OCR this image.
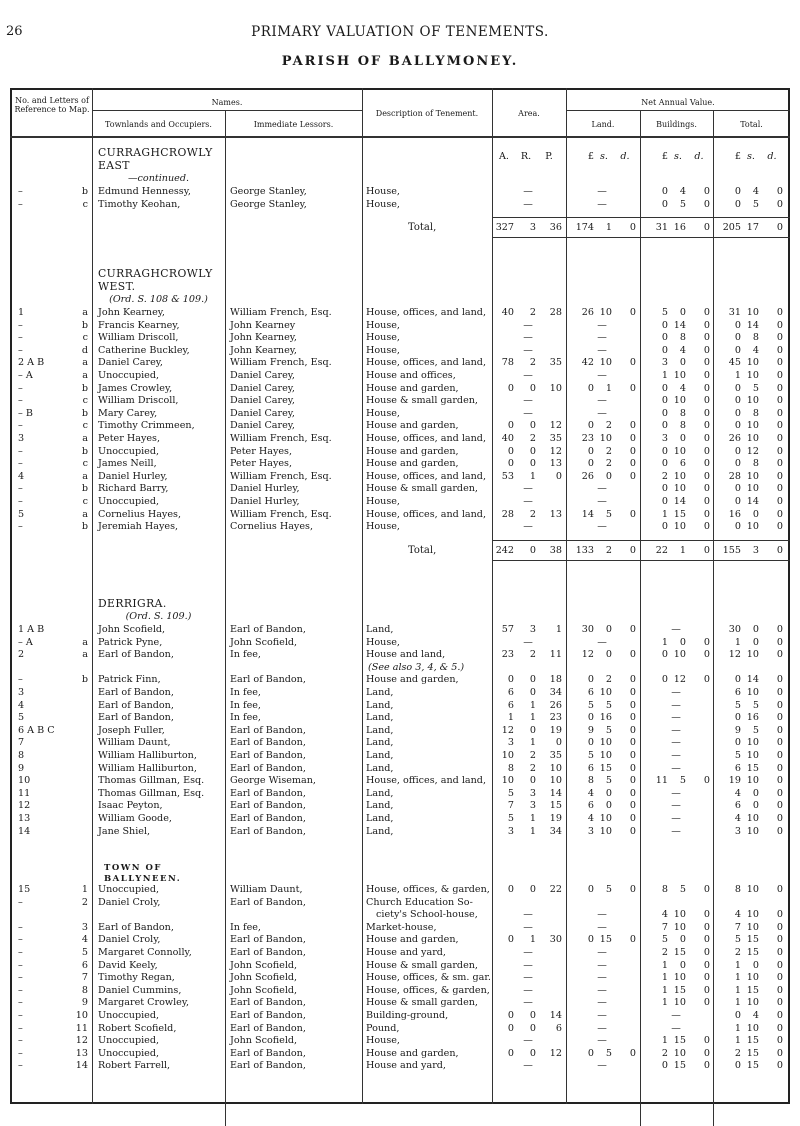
26	PRIMARY VALUATION OF TENEMENTS.
PARISH OF BALLYMONEY.
No. and Letters of Reference to Map.
Names.
Townlands and Occupiers.	Immediate Lessors.
Description of Tenement.	Area.
Net Annual Value.
Land.	Buildings.	Total.
CURRAGHCROWLY
EAST
—continued.
A.	R.	P.	£ s.	d.	£ s.	d.	£ s.	d.
–	b Edmund Hennessy,	George Stanley,	House,	—	—	0	4	0	0	4	0
–	c Timothy Keohan,	George Stanley,	House,	—	—	0	5	0	0	5	0
Total,	327	3	36	174	1	0	31 16	0	205 17	0
CURRAGHCROWLY
WEST.
(Ord. S. 108 & 109.)
1	a John Kearney,	William French, Esq.	House, offices, and land,	40	2	28	26 10	0	5	0	0	31 10	0
–	b Francis Kearney,	John Kearney	House,	—	—	0 14	0	0 14	0
–	c William Driscoll,	John Kearney,	House,	—	—	0	8	0	0	8	0
–	d Catherine Buckley,	John Kearney,	House,	—	—	0	4	0	0	4	0
2 A B	a Daniel Carey,	William French, Esq.	House, offices, and land,	78	2	35	42 10	0	3	0	0	45 10	0
– A	a Unoccupied,	Daniel Carey,	House and offices,	—	—	1 10	0	1 10	0
–	b James Crowley,	Daniel Carey,	House and garden,	0	0	10	0	1	0	0	4	0	0	5	0
–	c William Driscoll,	Daniel Carey,	House & small garden,	—	—	0 10	0	0 10	0
– B	b Mary Carey,	Daniel Carey,	House,	—	—	0	8	0	0	8	0
–	c Timothy Crimmeen,	Daniel Carey,	House and garden,	0	0	12	0	2	0	0	8	0	0 10	0
3	a Peter Hayes,	William French, Esq.	House, offices, and land,	40	2	35	23 10	0	3	0	0	26 10	0
–	b Unoccupied,	Peter Hayes,	House and garden,	0	0	12	0	2	0	0 10	0	0 12	0
–	c James Neill,	Peter Hayes,	House and garden,	0	0	13	0	2	0	0	6	0	0	8	0
4	a Daniel Hurley,	William French, Esq.	House, offices, and land,	53	1	0	26	0	0	2 10	0	28 10	0
–	b Richard Barry,	Daniel Hurley,	House & small garden,	—	—	0 10	0	0 10	0
–	c Unoccupied,	Daniel Hurley,	House,	—	—	0 14	0	0 14	0
5	a Cornelius Hayes,	William French, Esq.	House, offices, and land,	28	2	13	14	5	0	1 15	0	16	0	0
–	b Jeremiah Hayes,	Cornelius Hayes,	House,	—	—	0 10	0	0 10	0
Total,	242	0	38	133	2	0	22	1	0	155	3	0
DERRIGRA.
(Ord. S. 109.)
1 A B	John Scofield,	Earl of Bandon,	Land,	57	3	1	30	0	0	—	30	0	0
– A	a Patrick Pyne,	John Scofield,	House,	—	—	1	0	0	1	0	0
2	a Earl of Bandon,	In fee,	House and land,	23	2	11	12	0	0	0 10	0	12 10	0
(See also 3, 4, & 5.)
–	b Patrick Finn,	Earl of Bandon,	House and garden,	0	0	18	0	2	0	0 12	0	0 14	0
3	Earl of Bandon,	In fee,	Land,	6	0	34	6 10	0	—	6 10	0
4	Earl of Bandon,	In fee,	Land,	6	1	26	5	5	0	—	5	5	0
5	Earl of Bandon,	In fee,	Land,	1	1	23	0 16	0	—	0 16	0
6 A B C	Joseph Fuller,	Earl of Bandon,	Land,	12	0	19	9	5	0	—	9	5	0
7	William Daunt,	Earl of Bandon,	Land,	3	1	0	0 10	0	—	0 10	0
8	William Halliburton,	Earl of Bandon,	Land,	10	2	35	5 10	0	—	5 10	0
9	William Halliburton,	Earl of Bandon,	Land,	8	2	10	6 15	0	—	6 15	0
10	Thomas Gillman, Esq.	George Wiseman,	House, offices, and land,	10	0	10	8	5	0	11	5	0	19 10	0
11	Thomas Gillman, Esq.	Earl of Bandon,	Land,	5	3	14	4	0	0	—	4	0	0
12	Isaac Peyton,	Earl of Bandon,	Land,	7	3	15	6	0	0	—	6	0	0
13	William Goode,	Earl of Bandon,	Land,	5	1	19	4 10	0	—	4 10	0
14	Jane Shiel,	Earl of Bandon,	Land,	3	1	34	3 10	0	—	3 10	0
TOWN OF
BALLYNEEN.
15	1 Unoccupied,	William Daunt,	House, offices, & garden,	0	0	22	0	5	0	8	5	0	8 10	0
–	2 Daniel Croly,	Earl of Bandon,	Church Education So-
ciety's School-house,	—	—	4 10	0	4 10	0
–	3 Earl of Bandon,	In fee,	Market-house,	—	—	7 10	0	7 10	0
–	4 Daniel Croly,	Earl of Bandon,	House and garden,	0	1	30	0 15	0	5	0	0	5 15	0
–	5 Margaret Connolly,	Earl of Bandon,	House and yard,	—	—	2 15	0	2 15	0
–	6 David Keely,	John Scofield,	House & small garden,	—	—	1	0	0	1	0	0
–	7 Timothy Regan,	John Scofield,	House, offices, & sm. gar.	—	—	1 10	0	1 10	0
–	8 Daniel Cummins,	John Scofield,	House, offices, & garden,	—	—	1 15	0	1 15	0
–	9 Margaret Crowley,	Earl of Bandon,	House & small garden,	—	—	1 10	0	1 10	0
–	10 Unoccupied,	Earl of Bandon,	Building-ground,	0	0	14	—	—	0	4	0
–	11 Robert Scofield,	Earl of Bandon,	Pound,	0	0	6	—	—	1 10	0
–	12 Unoccupied,	John Scofield,	House,	—	—	1 15	0	1 15	0
–	13 Unoccupied,	Earl of Bandon,	House and garden,	0	0	12	0	5	0	2 10	0	2 15	0
–	14 Robert Farrell,	Earl of Bandon,	House and yard,	—	—	0 15	0	0 15	0
